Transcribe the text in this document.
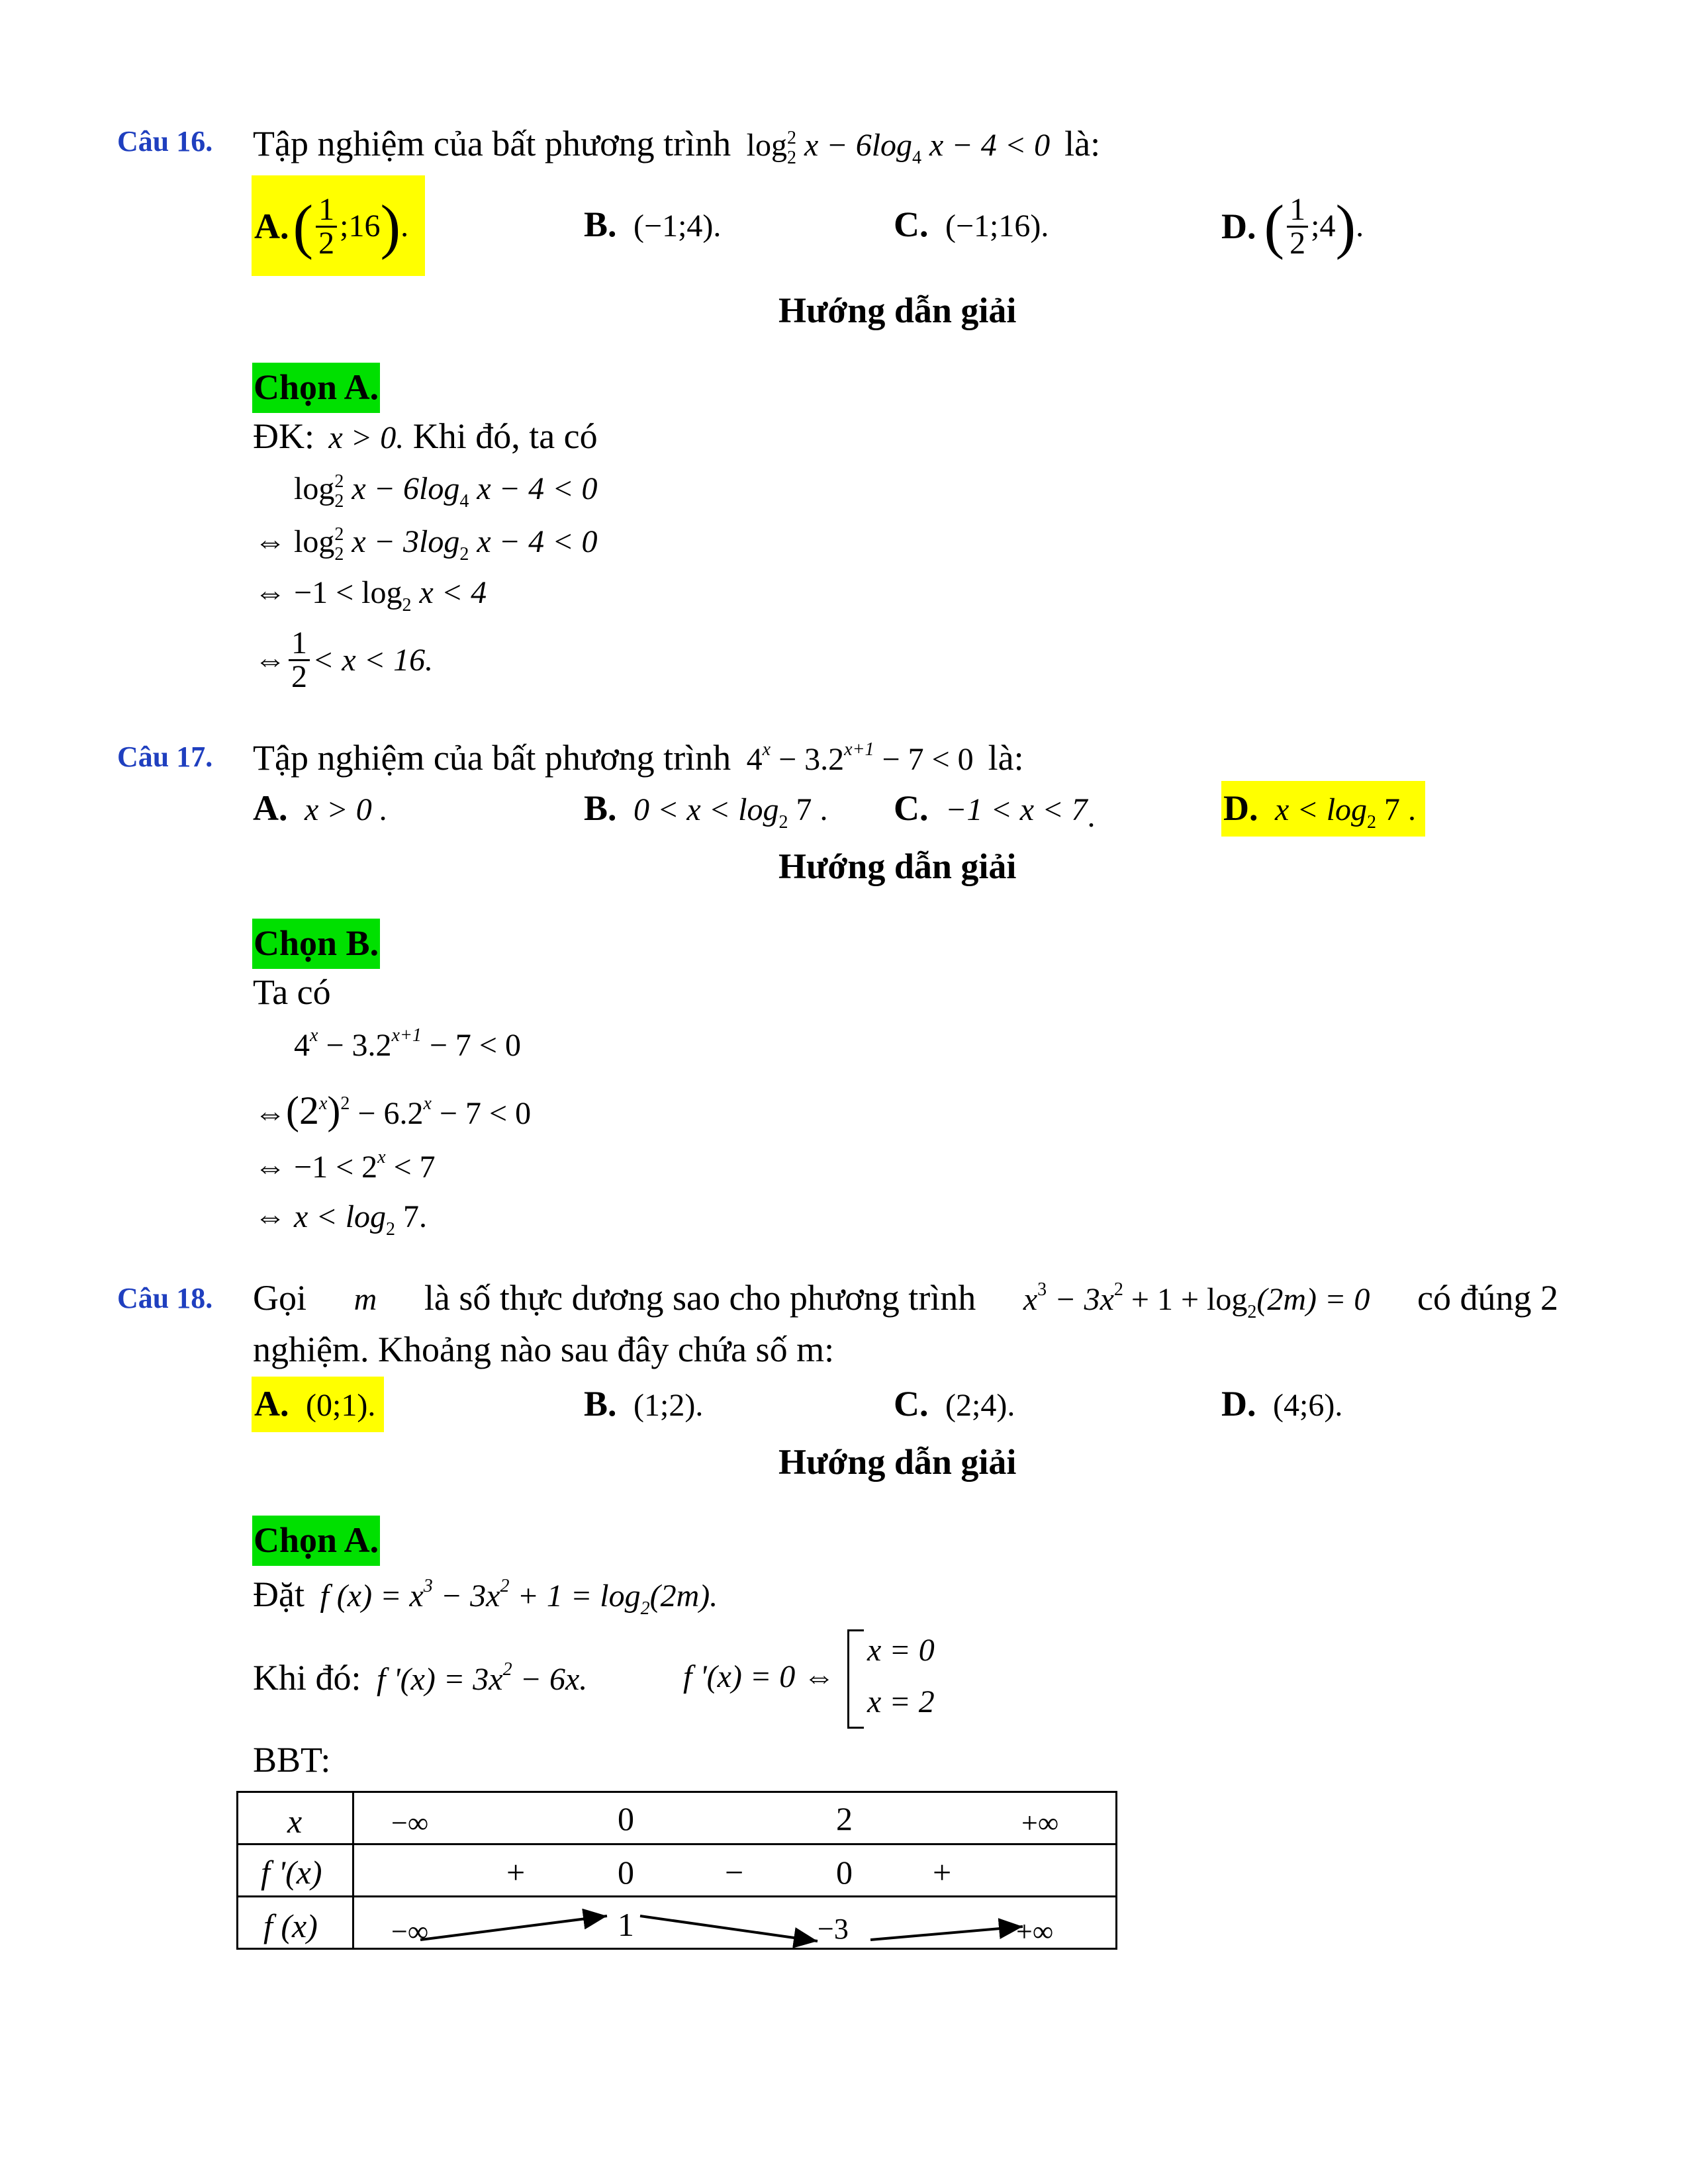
Câu 16. Tập nghiệm của bất phương trình $\log^2_2 x - 6\log_4$ x − 4 < 0 là:
A. ( $\frac{1}{2}$ ;16 ) .	B. (−1;4).	C. (−1;16).	D. ( $\frac{1}{2}$ ;4 ) .
Hướng dẫn giải
Chọn A.
ĐK: x > 0. Khi đó, ta có
$\log^2_2 x - 6\log_4$ x − 4 < 0
⇔ $\log^2_2 x - 3\log_2$ x − 4 < 0
⇔ $-1 < \log_2 x < 4$
⇔ $\frac{1}{2} < x < 16$.
Câu 17. Tập nghiệm của bất phương trình $4^x - 3.2^{x+1} - 7 < 0$ là:
A. x > 0 .	B. $0 < x < \log_2 7$ . C. −1 < x < 7.	D. $x < \log_2 7$ .
Hướng dẫn giải
Chọn B.
Ta có
$4^x - 3.2^{x+1} - 7 < 0$
$\Leftrightarrow(2^x)^2 - 6.2^x - 7 < 0$
⇔ $-1 < 2^x < 7$
⇔ $x < \log_2 7$.
Câu 18. Gọi m là số thực dương sao cho phương trình $x^3 - 3x^2 + 1 + \log_2(2m) = 0$ có đúng 2
nghiệm. Khoảng nào sau đây chứa số m:
A. (0;1).	B. (1;2).	C. (2;4).	D. (4;6).
Hướng dẫn giải
Chọn A.
Đặt f $(x) = x^3 - 3x^2 + 1 = \log_2(2m)$.
Khi đó: f '$(x) = 3x^2 - 6x$.	f '(x) = 0 ⇔
x = 0
x = 2
BBT:
x	−∞ 0 2 +∞

f '(x)	+ 0 − 0 +

f (x)	−∞ 1 −3 +∞
